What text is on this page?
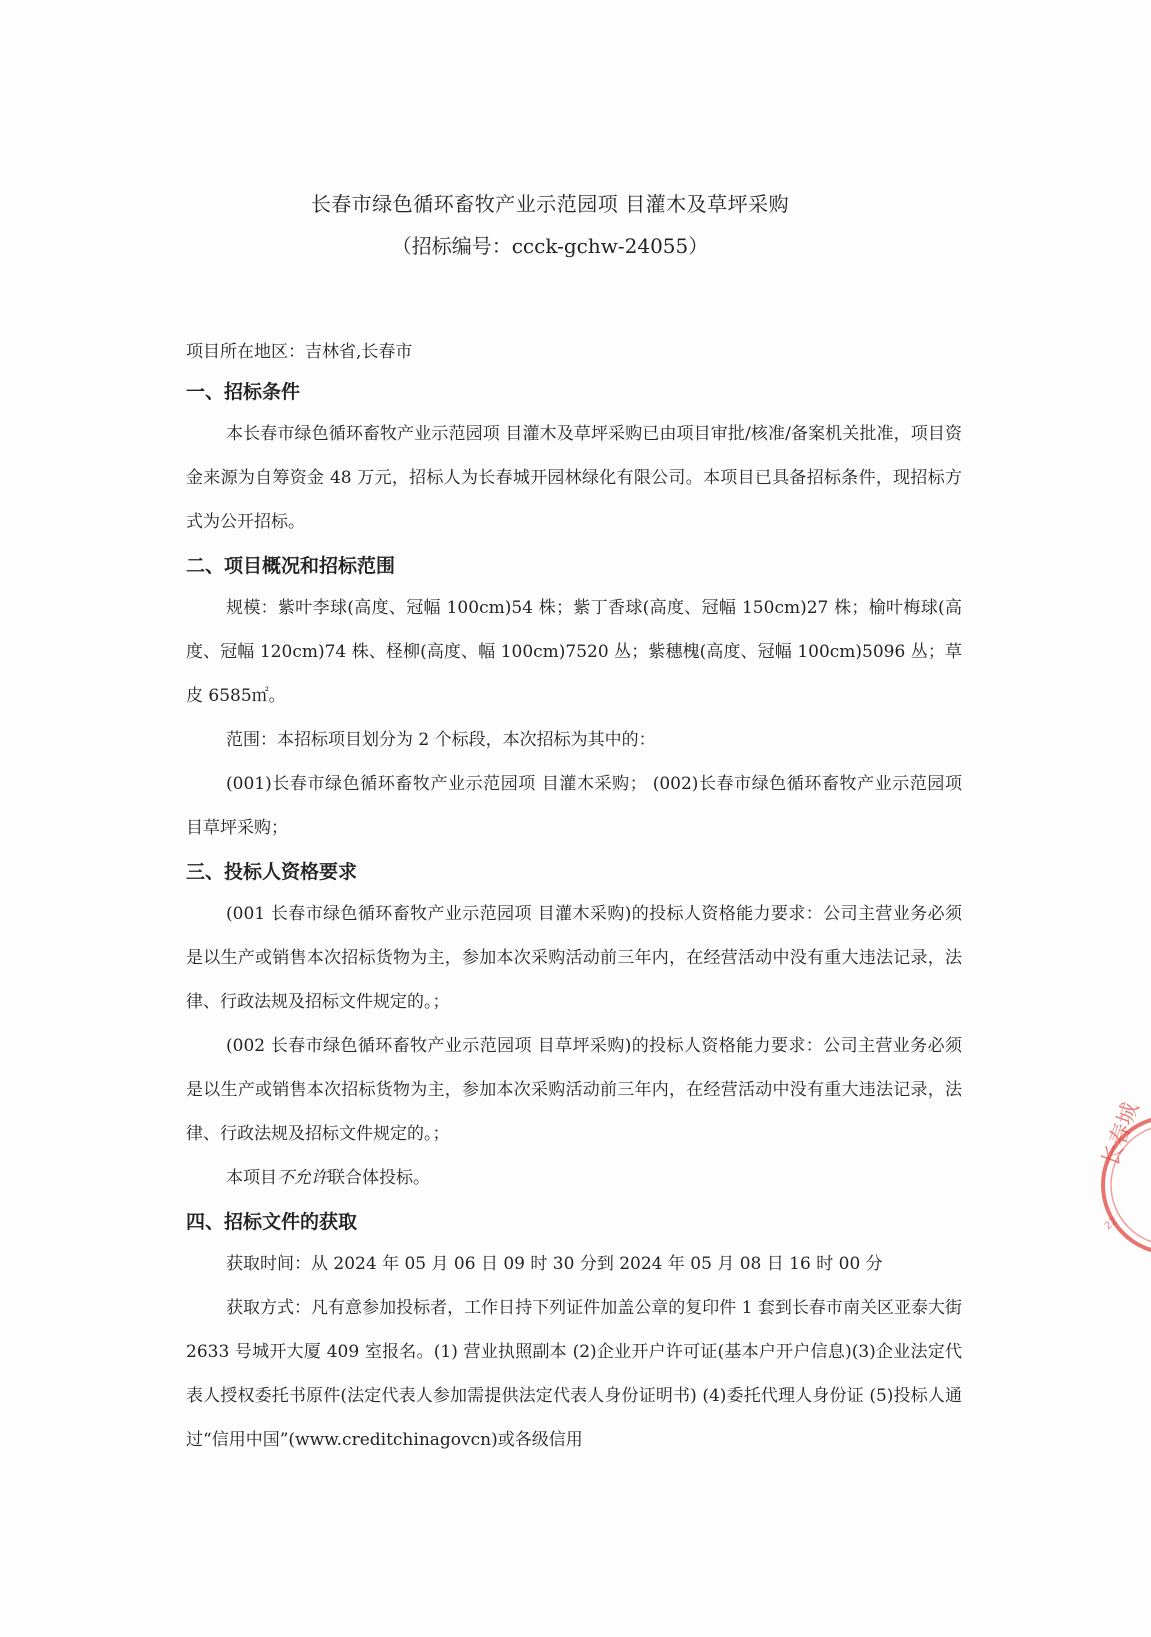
长春市绿色循环畜牧产业示范园项 目灌木及草坪采购
（招标编号：ccck-gchw-24055）
项目所在地区：吉林省,长春市
一、招标条件

本长春市绿色循环畜牧产业示范园项 目灌木及草坪采购已由项目审批/核准/备案机关批准，项目资金来源为自筹资金 48 万元，招标人为长春城开园林绿化有限公司。本项目已具备招标条件，现招标方式为公开招标。

二、项目概况和招标范围

规模：紫叶李球(高度、冠幅 100cm)54 株；紫丁香球(高度、冠幅 150cm)27 株；榆叶梅球(高度、冠幅 120cm)74 株、柽柳(高度、幅 100cm)7520 丛；紫穗槐(高度、冠幅 100cm)5096 丛；草皮 6585㎡。

范围：本招标项目划分为 2 个标段，本次招标为其中的：

(001)长春市绿色循环畜牧产业示范园项 目灌木采购； (002)长春市绿色循环畜牧产业示范园项 目草坪采购；

三、投标人资格要求

(001 长春市绿色循环畜牧产业示范园项 目灌木采购)的投标人资格能力要求：公司主营业务必须是以生产或销售本次招标货物为主，参加本次采购活动前三年内，在经营活动中没有重大违法记录，法律、行政法规及招标文件规定的。；

(002 长春市绿色循环畜牧产业示范园项 目草坪采购)的投标人资格能力要求：公司主营业务必须是以生产或销售本次招标货物为主，参加本次采购活动前三年内，在经营活动中没有重大违法记录，法律、行政法规及招标文件规定的。；

本项目不允许联合体投标。

四、招标文件的获取

获取时间：从 2024 年 05 月 06 日 09 时 30 分到 2024 年 05 月 08 日 16 时 00 分

获取方式：凡有意参加投标者，工作日持下列证件加盖公章的复印件 1 套到长春市南关区亚泰大街 2633 号城开大厦 409 室报名。(1) 营业执照副本 (2)企业开户许可证(基本户开户信息)(3)企业法定代表人授权委托书原件(法定代表人参加需提供法定代表人身份证明书) (4)委托代理人身份证 (5)投标人通过“信用中国”(www.creditchinagovcn)或各级信用

长春城
22
